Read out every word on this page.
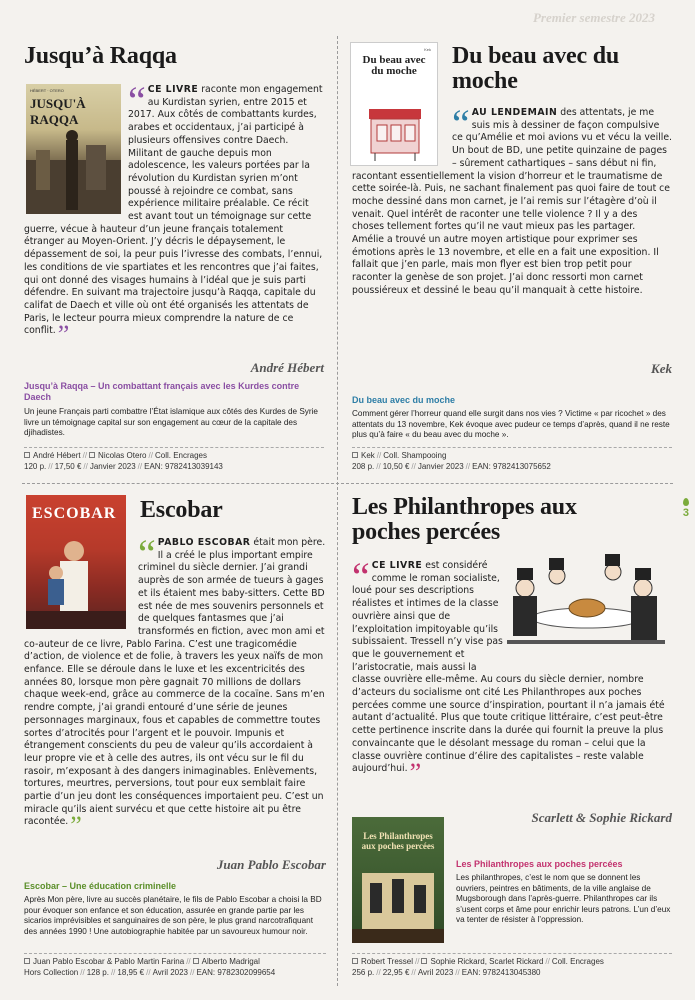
Premier semestre 2023
3
Jusqu’à Raqqa
HÉBERT · OTERO
JUSQU'À RAQQA	“ CE LIVRE raconte mon engagement au Kurdistan syrien, entre 2015 et 2017. Aux côtés de combattants kurdes, arabes et occidentaux, j’ai participé à plusieurs offensives contre Daech. Militant de gauche depuis mon adolescence, les valeurs portées par la révolution du Kurdistan syrien m’ont poussé à rejoindre ce combat, sans expérience militaire préalable. Ce récit est avant tout un témoignage sur cette guerre, vécue à hauteur d’un jeune français totalement étranger au Moyen-Orient. J’y décris le dépaysement, le dépassement de soi, la peur puis l’ivresse des combats, l’ennui, les conditions de vie spartiates et les rencontres que j’ai faites, qui ont donné des visages humains à l’idéal que je suis parti défendre. En suivant ma trajectoire jusqu’à Raqqa, capitale du califat de Daech et ville où ont été organisés les attentats de Paris, le lecteur pourra mieux comprendre la nature de ce conflit.”
André Hébert
Jusqu’à Raqqa – Un combattant français avec les Kurdes contre Daech
Un jeune Français parti combattre l’État islamique aux côtés des Kurdes de Syrie livre un témoignage capital sur son engagement au cœur de la capitale des djihadistes.
André Hébert // Nicolas Otero // Coll. Encrages
120 p. // 17,50 € // Janvier 2023 // EAN: 9782413039143
Kek
Du beau avec du moche
Du beau avec du moche
“ AU LENDEMAIN des attentats, je me suis mis à dessiner de façon compulsive ce qu’Amélie et moi avions vu et vécu la veille. Un bout de BD, une petite quinzaine de pages – sûrement cathartiques – sans début ni fin, racontant essentiellement la vision d’horreur et le traumatisme de cette soirée-là. Puis, ne sachant finalement pas quoi faire de tout ce moche dessiné dans mon carnet, je l’ai remis sur l’étagère d’où il venait. Quel intérêt de raconter une telle violence ? Il y a des choses tellement fortes qu’il ne vaut mieux pas les partager.
Amélie a trouvé un autre moyen artistique pour exprimer ses émotions après le 13 novembre, et elle en a fait une exposition. Il fallait que j’en parle, mais mon flyer est bien trop petit pour raconter la genèse de son projet. J’ai donc ressorti mon carnet poussiéreux et dessiné le beau qu’il manquait à cette histoire.
Kek
Du beau avec du moche
Comment gérer l’horreur quand elle surgit dans nos vies ? Victime « par ricochet » des attentats du 13 novembre, Kek évoque avec pudeur ce temps d’après, quand il ne reste plus qu’à faire « du beau avec du moche ».
Kek // Coll. Shampooing
208 p. // 10,50 € // Janvier 2023 // EAN: 9782413075652
ESCOBAR Escobar
“ PABLO ESCOBAR était mon père. Il a créé le plus important empire criminel du siècle dernier. J’ai grandi auprès de son armée de tueurs à gages et ils étaient mes baby-sitters. Cette BD est née de mes souvenirs personnels et de quelques fantasmes que j’ai transformés en fiction, avec mon ami et co-auteur de ce livre, Pablo Farina. C’est une tragicomédie d’action, de violence et de folie, à travers les yeux naïfs de mon enfance. Elle se déroule dans le luxe et les excentricités des années 80, lorsque mon père gagnait 70 millions de dollars chaque week-end, grâce au commerce de la cocaïne. Sans m’en rendre compte, j’ai grandi entouré d’une série de jeunes personnages marginaux, fous et capables de commettre toutes sortes d’atrocités pour l’argent et le pouvoir. Impunis et étrangement conscients du peu de valeur qu’ils accordaient à leur propre vie et à celle des autres, ils ont vécu sur le fil du rasoir, m’exposant à des dangers inimaginables. Enlèvements, tortures, meurtres, perversions, tout pour eux semblait faire partie d’un jeu dont les conséquences importaient peu. C’est un miracle qu’ils aient survécu et que cette histoire ait pu être racontée.”
Juan Pablo Escobar
Escobar – Une éducation criminelle
Après Mon père, livre au succès planétaire, le fils de Pablo Escobar a choisi la BD pour évoquer son enfance et son éducation, assurée en grande partie par les sicarios imprévisibles et sanguinaires de son père, le plus grand narcotrafiquant des années 1990 ! Une autobiographie habitée par un savoureux humour noir.
Juan Pablo Escobar & Pablo Martin Farina // Alberto Madrigal
Hors Collection // 128 p. // 18,95 € // Avril 2023 // EAN: 9782302099654
Les Philanthropes aux poches percées
“ CE LIVRE est considéré comme le roman socialiste, loué pour ses descriptions réalistes et intimes de la classe ouvrière ainsi que de l’exploitation impitoyable qu’ils subissaient. Tressell n’y vise pas que le gouvernement et l’aristocratie, mais aussi la classe ouvrière elle-même. Au cours du siècle dernier, nombre d’acteurs du socialisme ont cité Les Philanthropes aux poches percées comme une source d’inspiration, pourtant il n’a jamais été autant d’actualité. Plus que toute critique littéraire, c’est peut-être cette pertinence inscrite dans la durée qui fournit la preuve la plus convaincante que le désolant message du roman – celui que la classe ouvrière continue d’élire des capitalistes – reste valable aujourd’hui.”
Scarlett & Sophie Rickard
Les Philanthropes aux poches percées
Les Philanthropes aux poches percées
Les philanthropes, c’est le nom que se donnent les ouvriers, peintres en bâtiments, de la ville anglaise de Mugsborough dans l’après-guerre. Philanthropes car ils s’usent corps et âme pour enrichir leurs patrons. L’un d’eux va tenter de résister à l’oppression.
Robert Tressel // Sophie Rickard, Scarlet Rickard // Coll. Encrages
256 p. // 22,95 € // Avril 2023 // EAN: 9782413045380
